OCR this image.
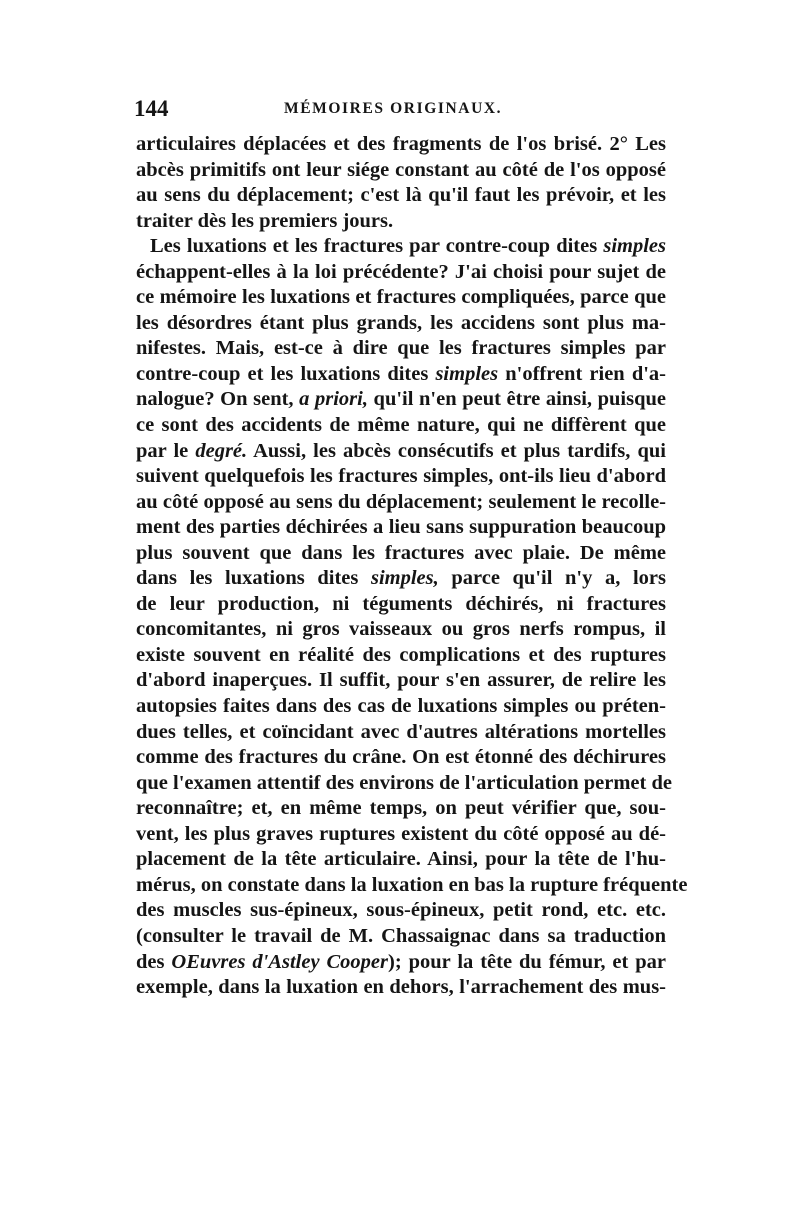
144	MÉMOIRES ORIGINAUX.
articulaires déplacées et des fragments de l'os brisé. 2° Les
abcès primitifs ont leur siége constant au côté de l'os opposé
au sens du déplacement; c'est là qu'il faut les prévoir, et les
traiter dès les premiers jours.
Les luxations et les fractures par contre-coup dites simples
échappent-elles à la loi précédente? J'ai choisi pour sujet de
ce mémoire les luxations et fractures compliquées, parce que
les désordres étant plus grands, les accidens sont plus ma-
nifestes. Mais, est-ce à dire que les fractures simples par
contre-coup et les luxations dites simples n'offrent rien d'a-
nalogue? On sent, a priori, qu'il n'en peut être ainsi, puisque
ce sont des accidents de même nature, qui ne diffèrent que
par le degré. Aussi, les abcès consécutifs et plus tardifs, qui
suivent quelquefois les fractures simples, ont-ils lieu d'abord
au côté opposé au sens du déplacement; seulement le recolle-
ment des parties déchirées a lieu sans suppuration beaucoup
plus souvent que dans les fractures avec plaie. De même
dans les luxations dites simples, parce qu'il n'y a, lors
de leur production, ni téguments déchirés, ni fractures
concomitantes, ni gros vaisseaux ou gros nerfs rompus, il
existe souvent en réalité des complications et des ruptures
d'abord inaperçues. Il suffit, pour s'en assurer, de relire les
autopsies faites dans des cas de luxations simples ou préten-
dues telles, et coïncidant avec d'autres altérations mortelles
comme des fractures du crâne. On est étonné des déchirures
que l'examen attentif des environs de l'articulation permet de
reconnaître; et, en même temps, on peut vérifier que, sou-
vent, les plus graves ruptures existent du côté opposé au dé-
placement de la tête articulaire. Ainsi, pour la tête de l'hu-
mérus, on constate dans la luxation en bas la rupture fréquente
des muscles sus-épineux, sous-épineux, petit rond, etc. etc.
(consulter le travail de M. Chassaignac dans sa traduction
des OEuvres d'Astley Cooper); pour la tête du fémur, et par
exemple, dans la luxation en dehors, l'arrachement des mus-
